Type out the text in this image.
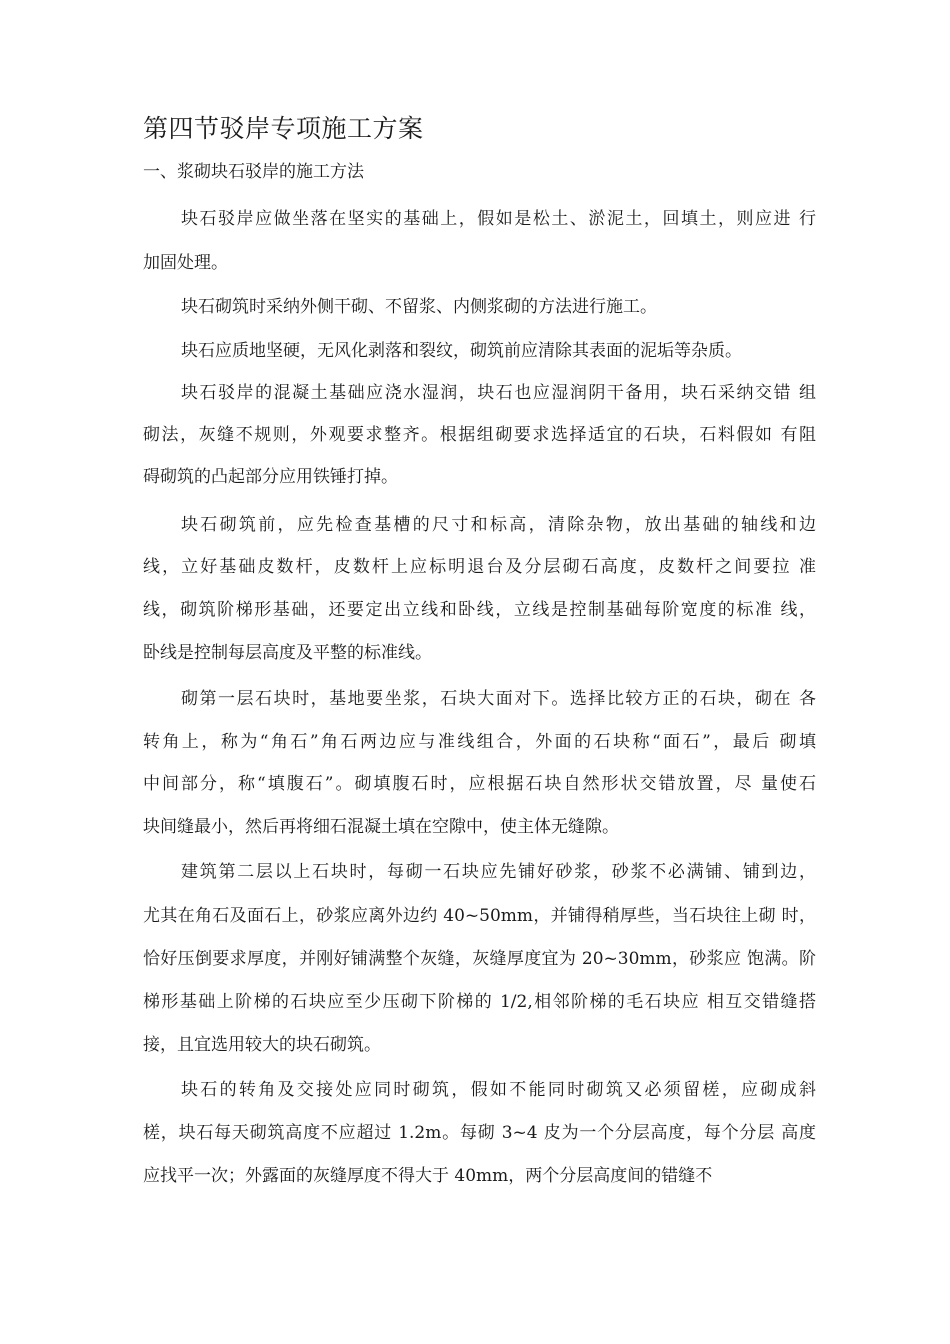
第四节驳岸专项施工方案
一、浆砌块石驳岸的施工方法
块石驳岸应做坐落在坚实的基础上，假如是松土、淤泥土，回填土，则应进 行
加固处理。
块石砌筑时采纳外侧干砌、不留浆、内侧浆砌的方法进行施工。
块石应质地坚硬，无风化剥落和裂纹，砌筑前应清除其表面的泥垢等杂质。
块石驳岸的混凝土基础应浇水湿润，块石也应湿润阴干备用，块石采纳交错 组
砌法，灰缝不规则，外观要求整齐。根据组砌要求选择适宜的石块，石料假如 有阻
碍砌筑的凸起部分应用铁锤打掉。
块石砌筑前，应先检查基槽的尺寸和标高，清除杂物，放出基础的轴线和边
线，立好基础皮数杆，皮数杆上应标明退台及分层砌石高度，皮数杆之间要拉 准
线，砌筑阶梯形基础，还要定出立线和卧线，立线是控制基础每阶宽度的标准 线，
卧线是控制每层高度及平整的标准线。
砌第一层石块时，基地要坐浆，石块大面对下。选择比较方正的石块，砌在 各
转角上，称为“角石”角石两边应与准线组合，外面的石块称“面石”，最后 砌填
中间部分，称“填腹石”。砌填腹石时，应根据石块自然形状交错放置，尽 量使石
块间缝最小，然后再将细石混凝土填在空隙中，使主体无缝隙。
建筑第二层以上石块时，每砌一石块应先铺好砂浆，砂浆不必满铺、铺到边，
尤其在角石及面石上，砂浆应离外边约 40~50mm，并铺得稍厚些，当石块往上砌 时，
恰好压倒要求厚度，并刚好铺满整个灰缝，灰缝厚度宜为 20~30mm，砂浆应 饱满。阶
梯形基础上阶梯的石块应至少压砌下阶梯的 1/2,相邻阶梯的毛石块应 相互交错缝搭
接，且宜选用较大的块石砌筑。
块石的转角及交接处应同时砌筑，假如不能同时砌筑又必须留槎，应砌成斜
槎，块石每天砌筑高度不应超过 1.2m。每砌 3~4 皮为一个分层高度，每个分层 高度
应找平一次；外露面的灰缝厚度不得大于 40mm，两个分层高度间的错缝不
